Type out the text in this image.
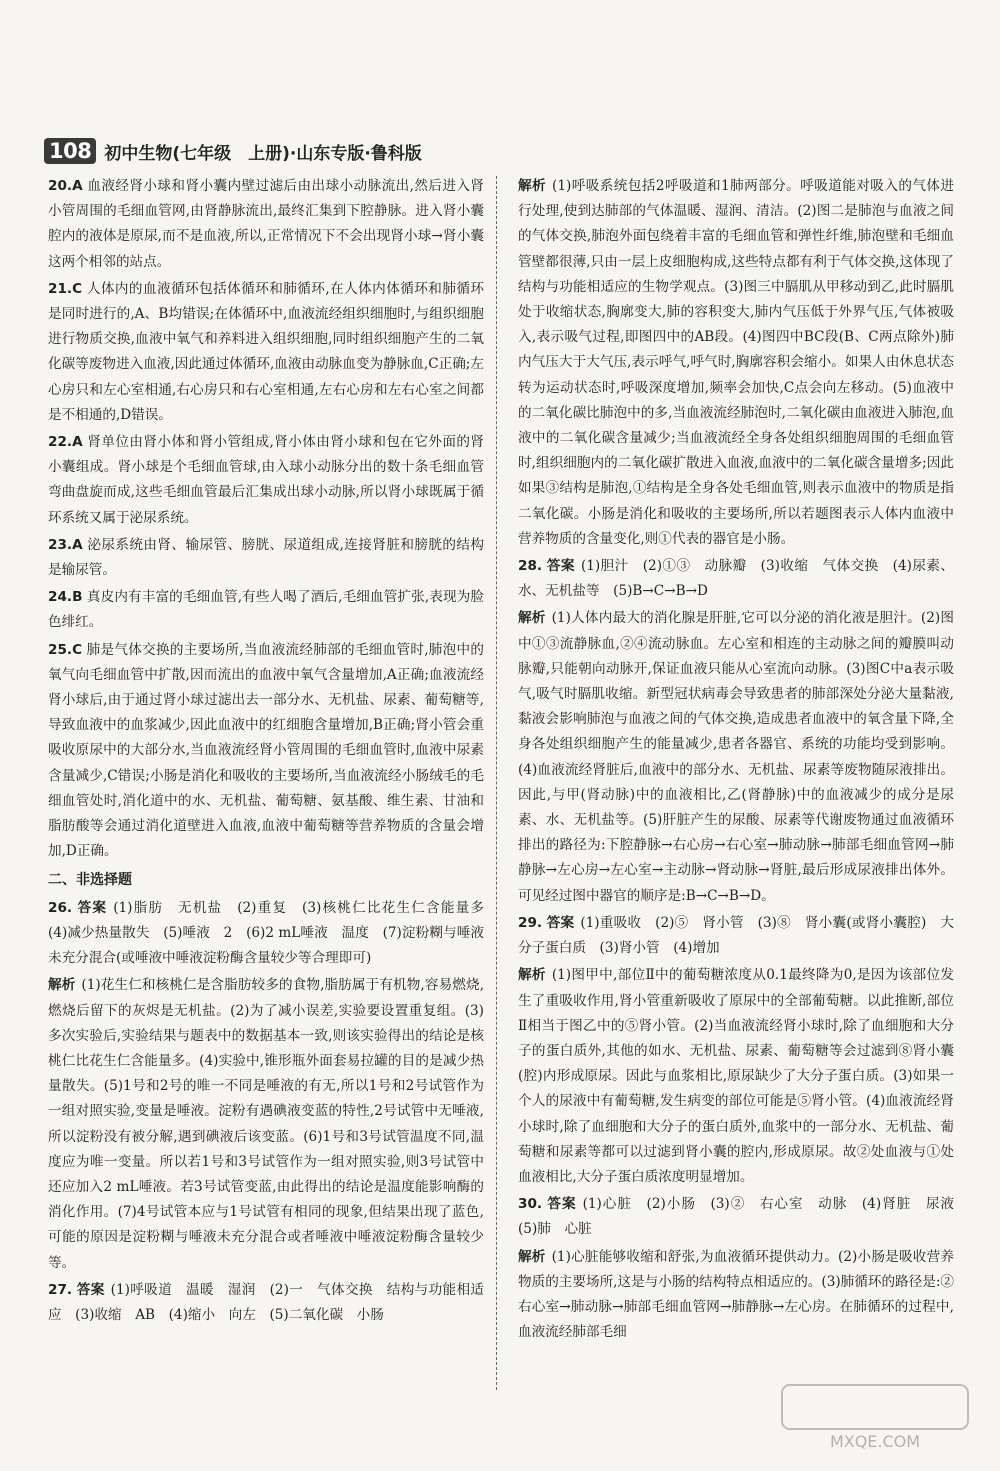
108 初中生物(七年级　上册)·山东专版·鲁科版
20.A 血液经肾小球和肾小囊内壁过滤后由出球小动脉流出,然后进入肾小管周围的毛细血管网,由肾静脉流出,最终汇集到下腔静脉。进入肾小囊腔内的液体是原尿,而不是血液,所以,正常情况下不会出现肾小球→肾小囊这两个相邻的站点。
21.C 人体内的血液循环包括体循环和肺循环,在人体内体循环和肺循环是同时进行的,A、B均错误;在体循环中,血液流经组织细胞时,与组织细胞进行物质交换,血液中氧气和养料进入组织细胞,同时组织细胞产生的二氧化碳等废物进入血液,因此通过体循环,血液由动脉血变为静脉血,C正确;左心房只和左心室相通,右心房只和右心室相通,左右心房和左右心室之间都是不相通的,D错误。
22.A 肾单位由肾小体和肾小管组成,肾小体由肾小球和包在它外面的肾小囊组成。肾小球是个毛细血管球,由入球小动脉分出的数十条毛细血管弯曲盘旋而成,这些毛细血管最后汇集成出球小动脉,所以肾小球既属于循环系统又属于泌尿系统。
23.A 泌尿系统由肾、输尿管、膀胱、尿道组成,连接肾脏和膀胱的结构是输尿管。
24.B 真皮内有丰富的毛细血管,有些人喝了酒后,毛细血管扩张,表现为脸色绯红。
25.C 肺是气体交换的主要场所,当血液流经肺部的毛细血管时,肺泡中的氧气向毛细血管中扩散,因而流出的血液中氧气含量增加,A正确;血液流经肾小球后,由于通过肾小球过滤出去一部分水、无机盐、尿素、葡萄糖等,导致血液中的血浆减少,因此血液中的红细胞含量增加,B正确;肾小管会重吸收原尿中的大部分水,当血液流经肾小管周围的毛细血管时,血液中尿素含量减少,C错误;小肠是消化和吸收的主要场所,当血液流经小肠绒毛的毛细血管处时,消化道中的水、无机盐、葡萄糖、氨基酸、维生素、甘油和脂肪酸等会通过消化道壁进入血液,血液中葡萄糖等营养物质的含量会增加,D正确。
二、非选择题
26. 答案 (1)脂肪　无机盐　(2)重复　(3)核桃仁比花生仁含能量多　(4)减少热量散失　(5)唾液　2　(6)2 mL唾液　温度　(7)淀粉糊与唾液未充分混合(或唾液中唾液淀粉酶含量较少等合理即可)
解析 (1)花生仁和核桃仁是含脂肪较多的食物,脂肪属于有机物,容易燃烧,燃烧后留下的灰烬是无机盐。(2)为了减小误差,实验要设置重复组。(3)多次实验后,实验结果与题表中的数据基本一致,则该实验得出的结论是核桃仁比花生仁含能量多。(4)实验中,锥形瓶外面套易拉罐的目的是减少热量散失。(5)1号和2号的唯一不同是唾液的有无,所以1号和2号试管作为一组对照实验,变量是唾液。淀粉有遇碘液变蓝的特性,2号试管中无唾液,所以淀粉没有被分解,遇到碘液后该变蓝。(6)1号和3号试管温度不同,温度应为唯一变量。所以若1号和3号试管作为一组对照实验,则3号试管中还应加入2 mL唾液。若3号试管变蓝,由此得出的结论是温度能影响酶的消化作用。(7)4号试管本应与1号试管有相同的现象,但结果出现了蓝色,可能的原因是淀粉糊与唾液未充分混合或者唾液中唾液淀粉酶含量较少等。
27. 答案 (1)呼吸道　温暖　湿润　(2)一　气体交换　结构与功能相适应　(3)收缩　AB　(4)缩小　向左　(5)二氧化碳　小肠
解析 (1)呼吸系统包括2呼吸道和1肺两部分。呼吸道能对吸入的气体进行处理,使到达肺部的气体温暖、湿润、清洁。(2)图二是肺泡与血液之间的气体交换,肺泡外面包绕着丰富的毛细血管和弹性纤维,肺泡壁和毛细血管壁都很薄,只由一层上皮细胞构成,这些特点都有利于气体交换,这体现了结构与功能相适应的生物学观点。(3)图三中膈肌从甲移动到乙,此时膈肌处于收缩状态,胸廓变大,肺的容积变大,肺内气压低于外界气压,气体被吸入,表示吸气过程,即图四中的AB段。(4)图四中BC段(B、C两点除外)肺内气压大于大气压,表示呼气,呼气时,胸廓容积会缩小。如果人由休息状态转为运动状态时,呼吸深度增加,频率会加快,C点会向左移动。(5)血液中的二氧化碳比肺泡中的多,当血液流经肺泡时,二氧化碳由血液进入肺泡,血液中的二氧化碳含量减少;当血液流经全身各处组织细胞周围的毛细血管时,组织细胞内的二氧化碳扩散进入血液,血液中的二氧化碳含量增多;因此如果③结构是肺泡,①结构是全身各处毛细血管,则表示血液中的物质是指二氧化碳。小肠是消化和吸收的主要场所,所以若题图表示人体内血液中营养物质的含量变化,则①代表的器官是小肠。
28. 答案 (1)胆汁　(2)①③　动脉瓣　(3)收缩　气体交换　(4)尿素、水、无机盐等　(5)B→C→B→D
解析 (1)人体内最大的消化腺是肝脏,它可以分泌的消化液是胆汁。(2)图中①③流静脉血,②④流动脉血。左心室和相连的主动脉之间的瓣膜叫动脉瓣,只能朝向动脉开,保证血液只能从心室流向动脉。(3)图C中a表示吸气,吸气时膈肌收缩。新型冠状病毒会导致患者的肺部深处分泌大量黏液,黏液会影响肺泡与血液之间的气体交换,造成患者血液中的氧含量下降,全身各处组织细胞产生的能量减少,患者各器官、系统的功能均受到影响。(4)血液流经肾脏后,血液中的部分水、无机盐、尿素等废物随尿液排出。因此,与甲(肾动脉)中的血液相比,乙(肾静脉)中的血液减少的成分是尿素、水、无机盐等。(5)肝脏产生的尿酸、尿素等代谢废物通过血液循环排出的路径为:下腔静脉→右心房→右心室→肺动脉→肺部毛细血管网→肺静脉→左心房→左心室→主动脉→肾动脉→肾脏,最后形成尿液排出体外。可见经过图中器官的顺序是:B→C→B→D。
29. 答案 (1)重吸收　(2)⑤　肾小管　(3)⑧　肾小囊(或肾小囊腔)　大分子蛋白质　(3)肾小管　(4)增加
解析 (1)图甲中,部位Ⅱ中的葡萄糖浓度从0.1最终降为0,是因为该部位发生了重吸收作用,肾小管重新吸收了原尿中的全部葡萄糖。以此推断,部位Ⅱ相当于图乙中的⑤肾小管。(2)当血液流经肾小球时,除了血细胞和大分子的蛋白质外,其他的如水、无机盐、尿素、葡萄糖等会过滤到⑧肾小囊(腔)内形成原尿。因此与血浆相比,原尿缺少了大分子蛋白质。(3)如果一个人的尿液中有葡萄糖,发生病变的部位可能是⑤肾小管。(4)血液流经肾小球时,除了血细胞和大分子的蛋白质外,血浆中的一部分水、无机盐、葡萄糖和尿素等都可以过滤到肾小囊的腔内,形成原尿。故②处血液与①处血液相比,大分子蛋白质浓度明显增加。
30. 答案 (1)心脏　(2)小肠　(3)②　右心室　动脉　(4)肾脏　尿液　(5)肺　心脏
解析 (1)心脏能够收缩和舒张,为血液循环提供动力。(2)小肠是吸收营养物质的主要场所,这是与小肠的结构特点相适应的。(3)肺循环的路径是:②右心室→肺动脉→肺部毛细血管网→肺静脉→左心房。在肺循环的过程中,血液流经肺部毛细
MXQE.COM
